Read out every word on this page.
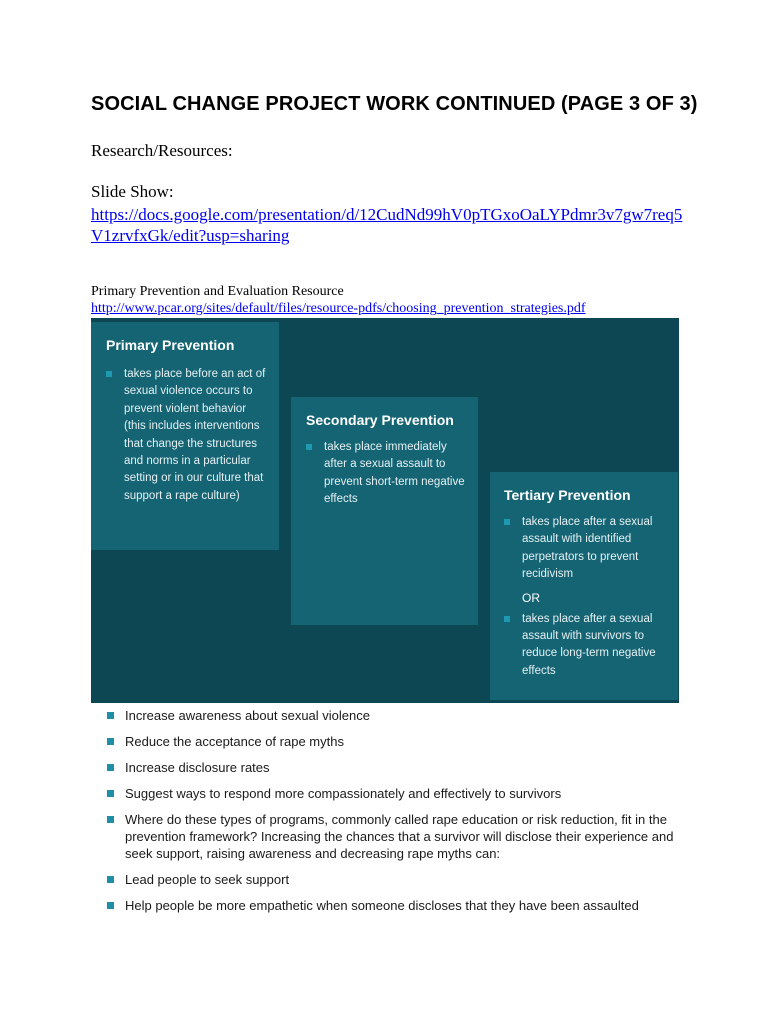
SOCIAL CHANGE PROJECT WORK CONTINUED (PAGE 3 OF 3)
Research/Resources:
Slide Show:
https://docs.google.com/presentation/d/12CudNd99hV0pTGxoOaLYPdmr3v7gw7req5V1zrvfxGk/edit?usp=sharing
Primary Prevention and Evaluation Resource
http://www.pcar.org/sites/default/files/resource-pdfs/choosing_prevention_strategies.pdf
Primary Prevention
takes place before an act of sexual violence occurs to prevent violent behavior (this includes interventions that change the structures and norms in a particular setting or in our culture that support a rape culture)
Secondary Prevention
takes place immediately after a sexual assault to prevent short-term negative effects	Tertiary Prevention
takes place after a sexual assault with identified perpetrators to prevent recidivism
OR
takes place after a sexual assault with survivors to reduce long-term negative effects
Increase awareness about sexual violence
Reduce the acceptance of rape myths
Increase disclosure rates
Suggest ways to respond more compassionately and effectively to survivors
Where do these types of programs, commonly called rape education or risk reduction, fit in the prevention framework? Increasing the chances that a survivor will disclose their experience and seek support, raising awareness and decreasing rape myths can:
Lead people to seek support
Help people be more empathetic when someone discloses that they have been assaulted
